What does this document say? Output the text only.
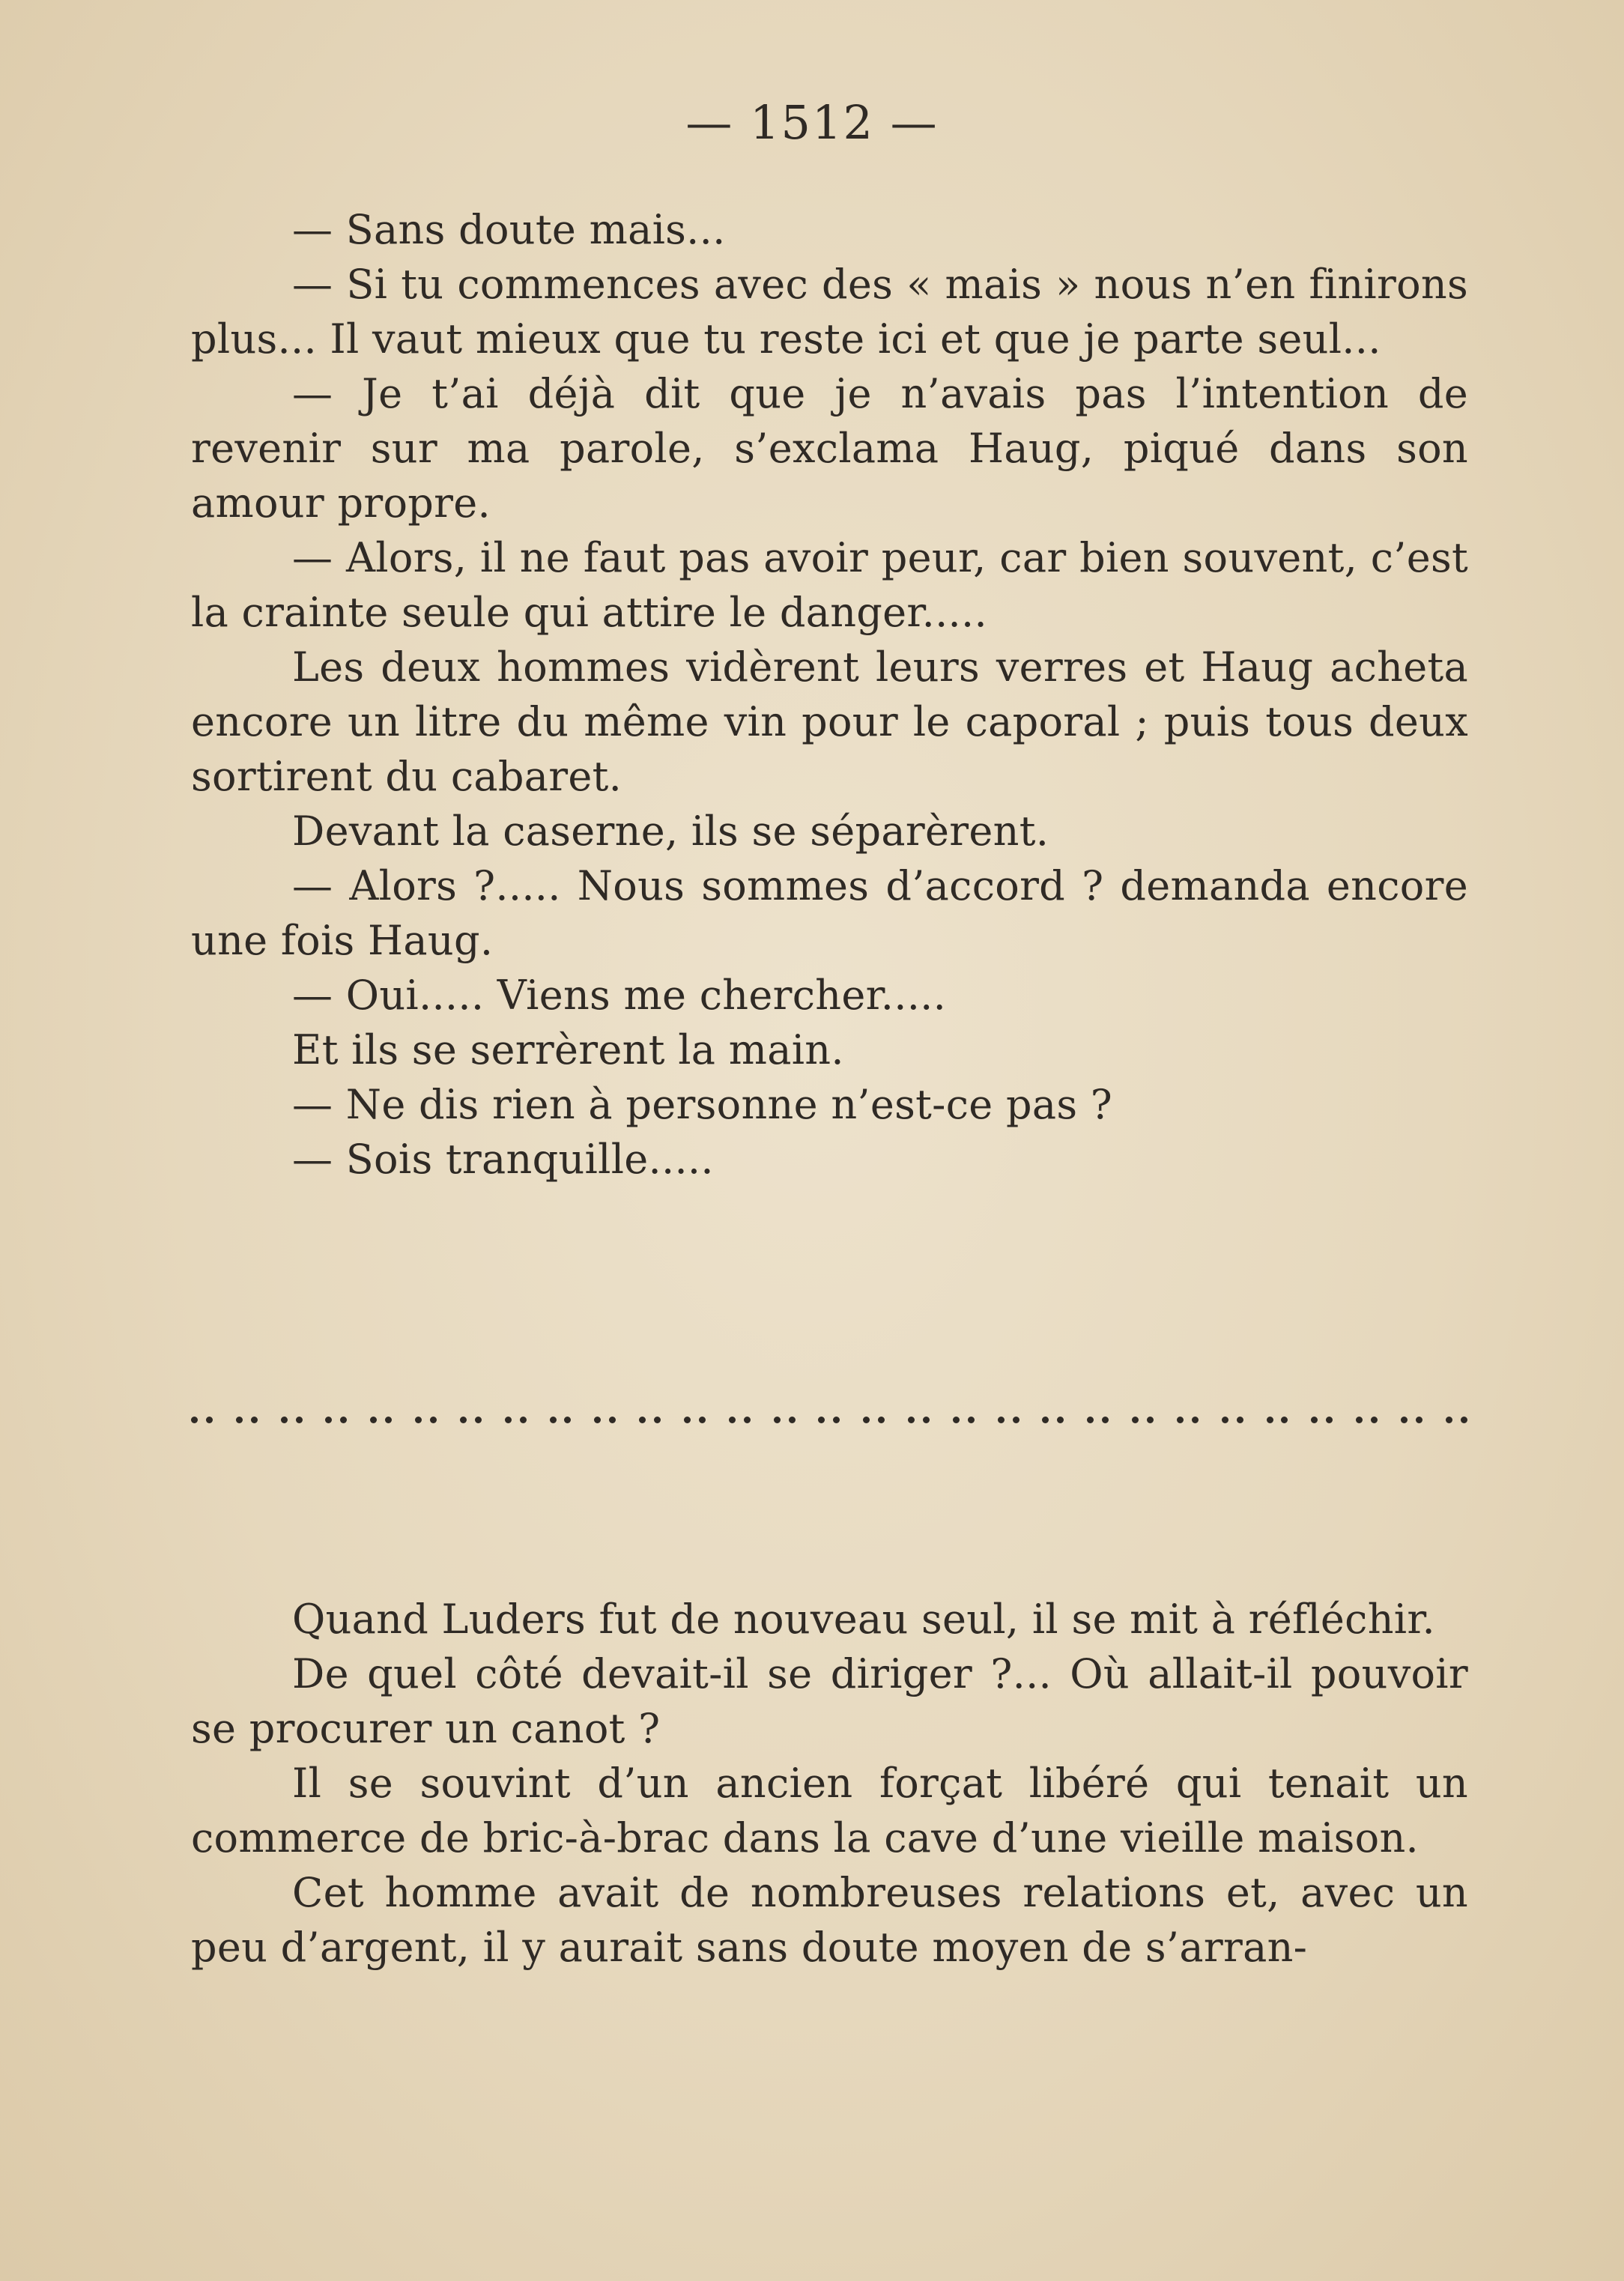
— 1512 —

— Sans doute mais...

— Si tu commences avec des « mais » nous n’en finirons plus... Il vaut mieux que tu reste ici et que je parte seul...

— Je t’ai déjà dit que je n’avais pas l’intention de revenir sur ma parole, s’exclama Haug, piqué dans son amour propre.

— Alors, il ne faut pas avoir peur, car bien souvent, c’est la crainte seule qui attire le danger.....

Les deux hommes vidèrent leurs verres et Haug acheta encore un litre du même vin pour le caporal ; puis tous deux sortirent du cabaret.

Devant la caserne, ils se séparèrent.

— Alors ?..... Nous sommes d’accord ? demanda encore une fois Haug.

— Oui..... Viens me chercher.....

Et ils se serrèrent la main.

— Ne dis rien à personne n’est-ce pas ?

— Sois tranquille.....

Quand Luders fut de nouveau seul, il se mit à réfléchir.

De quel côté devait-il se diriger ?... Où allait-il pouvoir se procurer un canot ?

Il se souvint d’un ancien forçat libéré qui tenait un commerce de bric-à-brac dans la cave d’une vieille maison.

Cet homme avait de nombreuses relations et, avec un peu d’argent, il y aurait sans doute moyen de s’arran-
